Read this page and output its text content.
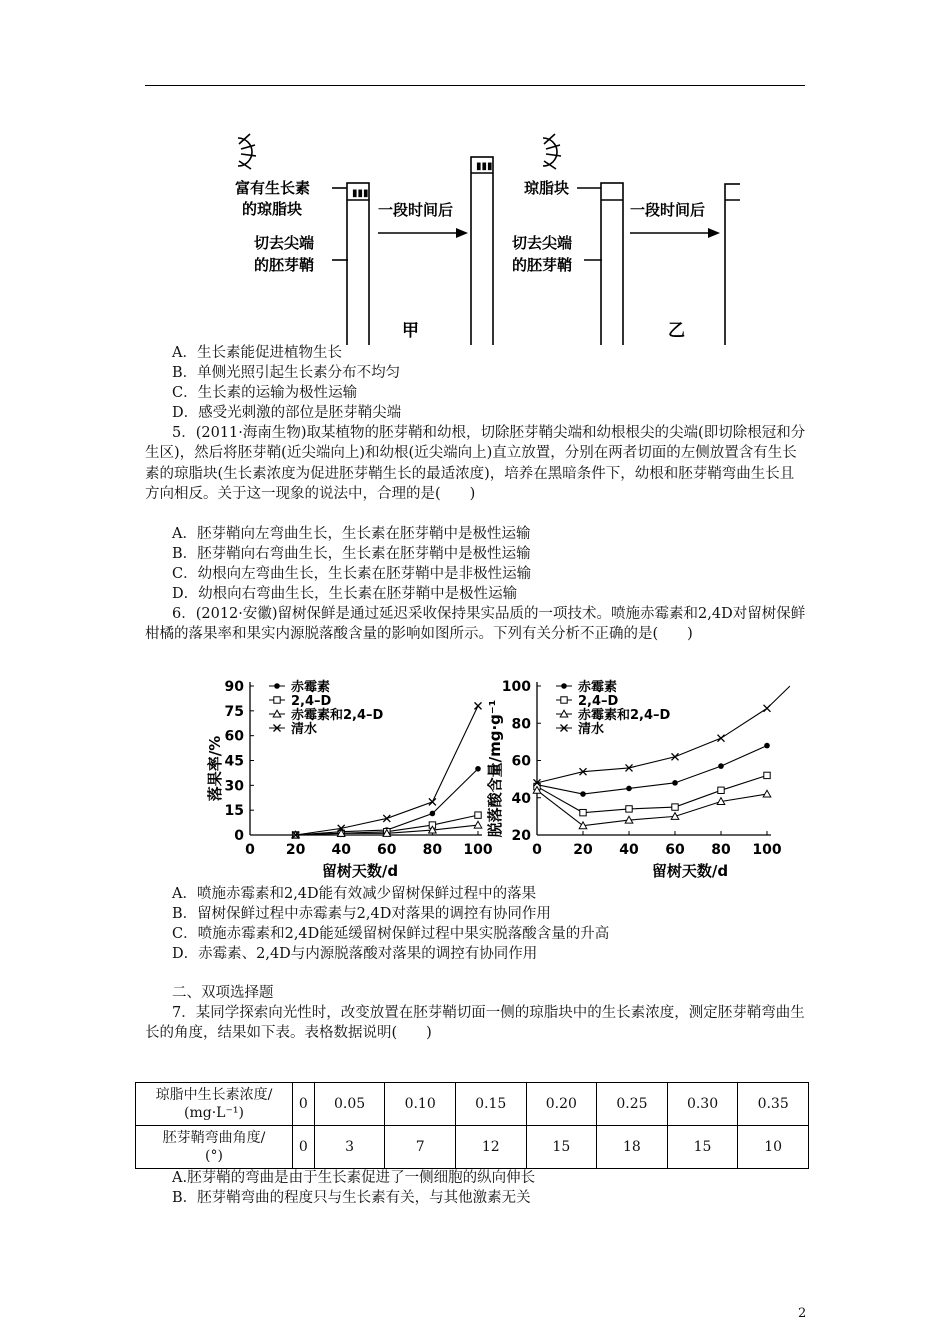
富有生长素
的琼脂块
▮▮▮
切去尖端
的胚芽鞘
一段时间后
▮▮▮
甲
琼脂块
切去尖端
的胚芽鞘
一段时间后
乙
A．生长素能促进植物生长
B．单侧光照引起生长素分布不均匀
C．生长素的运输为极性运输
D．感受光刺激的部位是胚芽鞘尖端
5．(2011·海南生物)取某植物的胚芽鞘和幼根，切除胚芽鞘尖端和幼根根尖的尖端(即切除根冠和分生区)，然后将胚芽鞘(近尖端向上)和幼根(近尖端向上)直立放置，分别在两者切面的左侧放置含有生长素的琼脂块(生长素浓度为促进胚芽鞘生长的最适浓度)，培养在黑暗条件下，幼根和胚芽鞘弯曲生长且方向相反。关于这一现象的说法中，合理的是(　　)
A．胚芽鞘向左弯曲生长，生长素在胚芽鞘中是极性运输
B．胚芽鞘向右弯曲生长，生长素在胚芽鞘中是极性运输
C．幼根向左弯曲生长，生长素在胚芽鞘中是非极性运输
D．幼根向右弯曲生长，生长素在胚芽鞘中是极性运输
6．(2012·安徽)留树保鲜是通过延迟采收保持果实品质的一项技术。喷施赤霉素和2,4D对留树保鲜柑橘的落果率和果实内源脱落酸含量的影响如图所示。下列有关分析不正确的是(　　)
0
15
30
45
60
75
90
0 20 40 60 80 100
留树天数/d
落果率/%
赤霉素
2,4–D
赤霉素和2,4–D
清水
20
40
60
80
100
0 20 40 60 80 100
留树天数/d
脱落酸含量/mg·g⁻¹
赤霉素
2,4–D
赤霉素和2,4–D
清水
A．喷施赤霉素和2,4D能有效减少留树保鲜过程中的落果
B．留树保鲜过程中赤霉素与2,4D对落果的调控有协同作用
C．喷施赤霉素和2,4D能延缓留树保鲜过程中果实脱落酸含量的升高
D．赤霉素、2,4D与内源脱落酸对落果的调控有协同作用
二、双项选择题
7．某同学探索向光性时，改变放置在胚芽鞘切面一侧的琼脂块中的生长素浓度，测定胚芽鞘弯曲生长的角度，结果如下表。表格数据说明(　　)
琼脂中生长素浓度/
(mg·L⁻¹)	0	0.05	0.10	0.15	0.20	0.25	0.30	0.35

胚芽鞘弯曲角度/
(°)	0	3	7	12	15	18	15	10
A.胚芽鞘的弯曲是由于生长素促进了一侧细胞的纵向伸长
B．胚芽鞘弯曲的程度只与生长素有关，与其他激素无关
2
